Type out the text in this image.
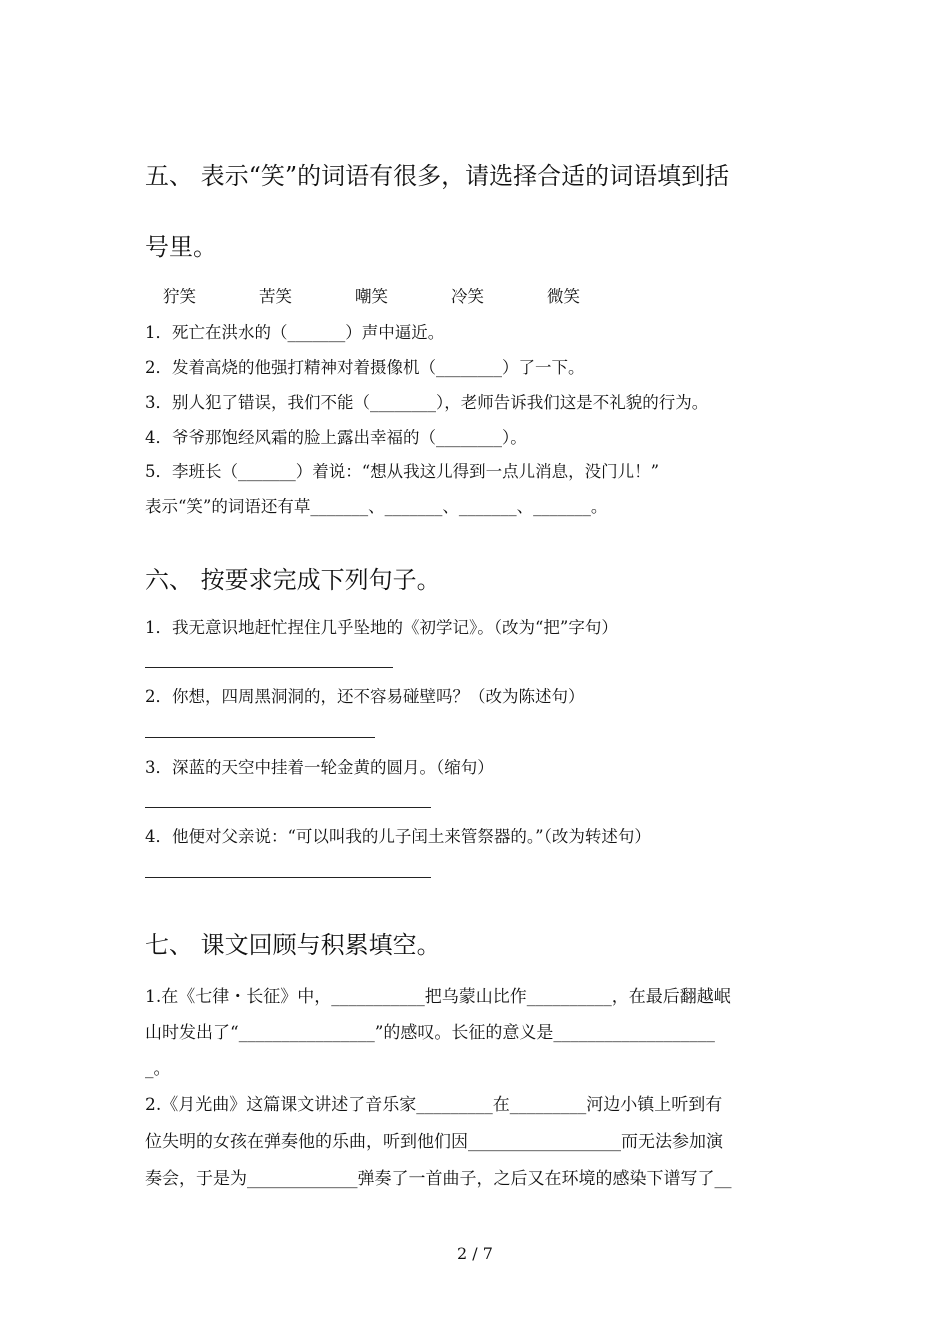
五、 表示“笑”的词语有很多，请选择合适的词语填到括
号里。
狞笑	苦笑	嘲笑	冷笑	微笑
1．死亡在洪水的（_______）声中逼近。
2．发着高烧的他强打精神对着摄像机（________）了一下。
3．别人犯了错误，我们不能（________），老师告诉我们这是不礼貌的行为。
4．爷爷那饱经风霜的脸上露出幸福的（________）。
5．李班长（_______）着说：“想从我这儿得到一点儿消息，没门儿！”
表示“笑”的词语还有草_______、_______、_______、_______。
六、 按要求完成下列句子。
1．我无意识地赶忙捏住几乎坠地的《初学记》。（改为“把”字句）
2．你想，四周黑洞洞的，还不容易碰壁吗？（改为陈述句）
3．深蓝的天空中挂着一轮金黄的圆月。（缩句）
4．他便对父亲说：“可以叫我的儿子闰土来管祭器的。”（改为转述句）
七、 课文回顾与积累填空。
1.在《七律・长征》中，___________把乌蒙山比作__________，在最后翻越岷
山时发出了“________________”的感叹。长征的意义是___________________
_。
2.《月光曲》这篇课文讲述了音乐家_________在_________河边小镇上听到有
位失明的女孩在弹奏他的乐曲，听到他们因__________________而无法参加演
奏会，于是为_____________弹奏了一首曲子，之后又在环境的感染下谱写了__
2 / 7
